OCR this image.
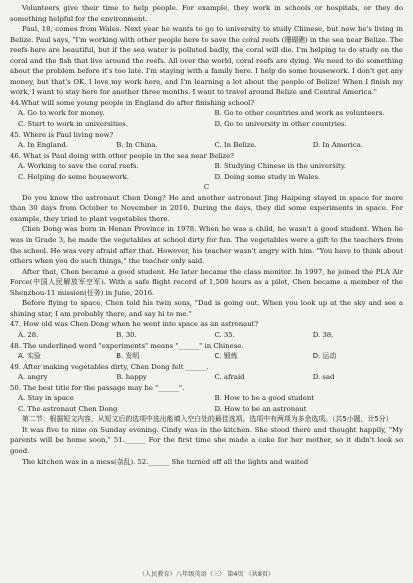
Volunteers give their time to help people. For example, they work in schools or hospitals, or they do something helpful for the environment.

Paul, 18, comes from Wales. Next year he wants to go to university to study Chinese, but now he's living in Belize. Paul says, "I'm working with other people here to save the coral reefs (珊瑚礁) in the sea near Belize. The reefs here are beautiful, but if the sea water is polluted badly, the coral will die. I'm helping to do study on the coral and the fish that live around the reefs. All over the world, coral reefs are dying. We need to do something about the problem before it's too late. I'm staying with a family here. I help do some housework. I don't get any money, but that's OK. I love my work here, and I'm learning a lot about the people of Belize! When I finish my work, I want to stay here for another three months. I want to travel around Belize and Central America."

44.What will some young people in England do after finishing school?

A. Go to work for money.	B. Go to other countries and work as volunteers.
C. Start to work in universities.	D. Go to university in other countries.

45. Where is Paul living now?

A. In England.	B. In China.	C. In Belize.	D. In America.

46. What is Paul doing with other people in the sea near Belize?

A. Working to save the coral reefs.	B. Studying Chinese in the university.
C. Helping do some housework.	D. Doing some study in Wales.

C

Do you know the astronaut Chen Dong? He and another astronaut Jing Haipeng stayed in space for more than 30 days from October to November in 2016. During the days, they did some experiments in space. For example, they tried to plant vegetables there.

Chen Dong was born in Henan Province in 1978. When he was a child, he wasn't a good student. When he was in Grade 3, he made the vegetables at school dirty for fun. The vegetables were a gift to the teachers from the school. He was very afraid after that. However, his teacher wasn't angry with him. "You have to think about others when you do such things," the teacher only said.

After that, Chen became a good student. He later became the class monitor. In 1997, he joined the PLA Air Force(中国人民解放军空军). With a safe flight record of 1,500 hours as a pilot, Chen became a member of the Shenzhou-11 mission(任务) in June, 2016.

Before flying to space, Chen told his twin sons, "Dad is going out. When you look up at the sky and see a shining star, I am probably there, and say hi to me."

47. How old was Chen Dong when he went into space as an astronaut?

A. 28.	B. 30.	C. 35.	D. 38.

48. The underlined word "experiments" means "______" in Chinese.

A. 实验	B. 发明	C. 锻炼	D. 运动

49. After making vegetables dirty, Chen Dong felt ______.

A. angry	B. happy	C. afraid	D. sad

50. The best title for the passage may be "______".

A. Stay in space	B. How to be a good student
C. The astronaut Chen Dong	D. How to be an astronaut

第二节：根据短文内容，从短文后的选项中选出能填入空白处的最佳选项。选项中有两项为多余选项。（共5小题，计5分）

It was five to nine on Sunday evening. Cindy was in the kitchen. She stood there and thought happily, "My parents will be home soon," 51.______ For the first time she made a cake for her mother, so it didn't look so good.

The kitchen was in a mess(杂乱). 52.______ She turned off all the lights and waited

（人民教育）八年级英语（三） 第4页 （共8页）
